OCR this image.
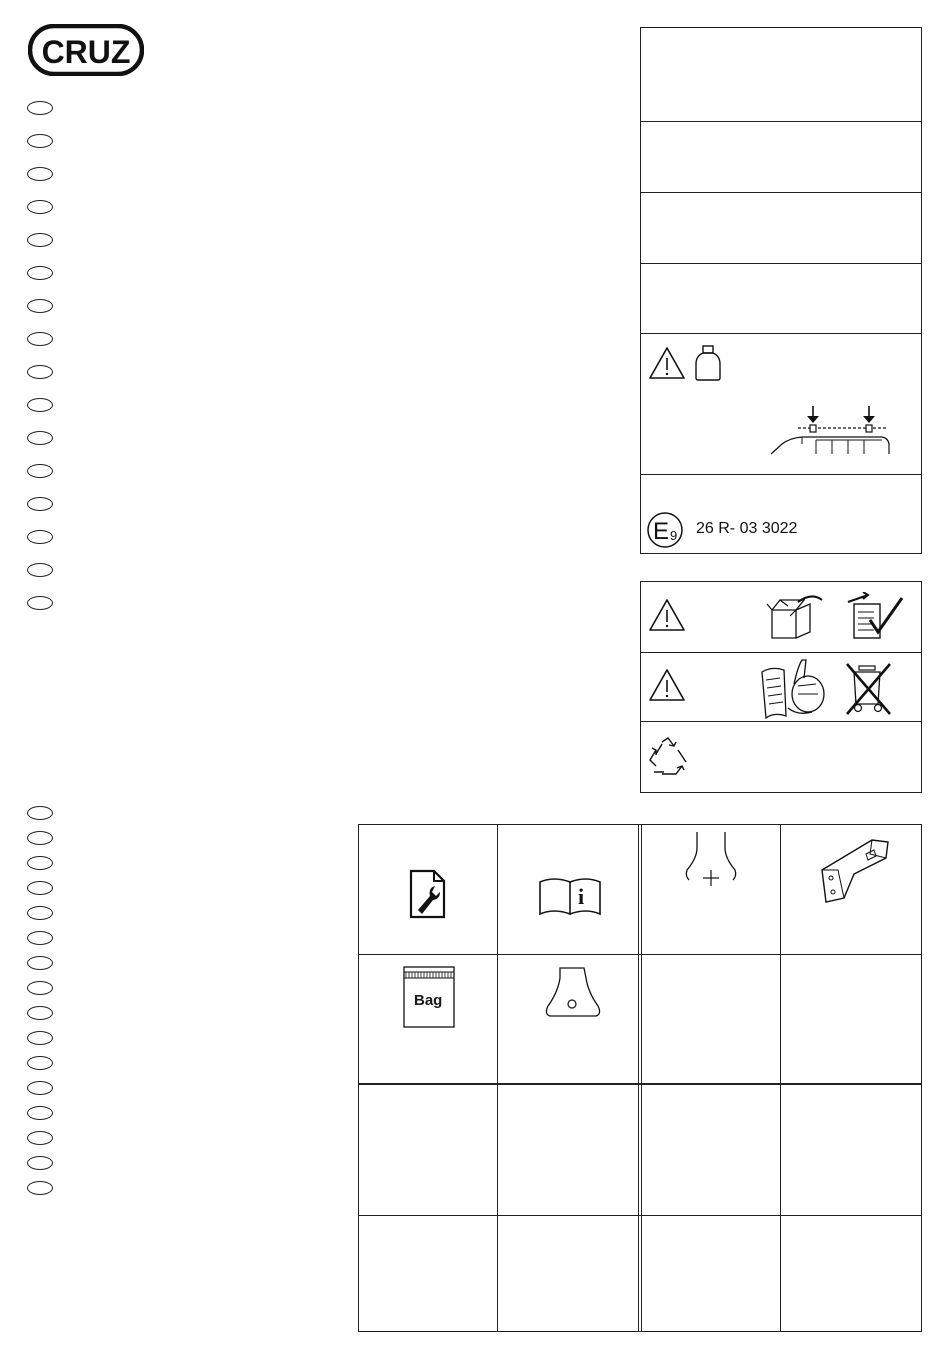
CRUZ
E 9 26 R- 03 3022
i
Bag
